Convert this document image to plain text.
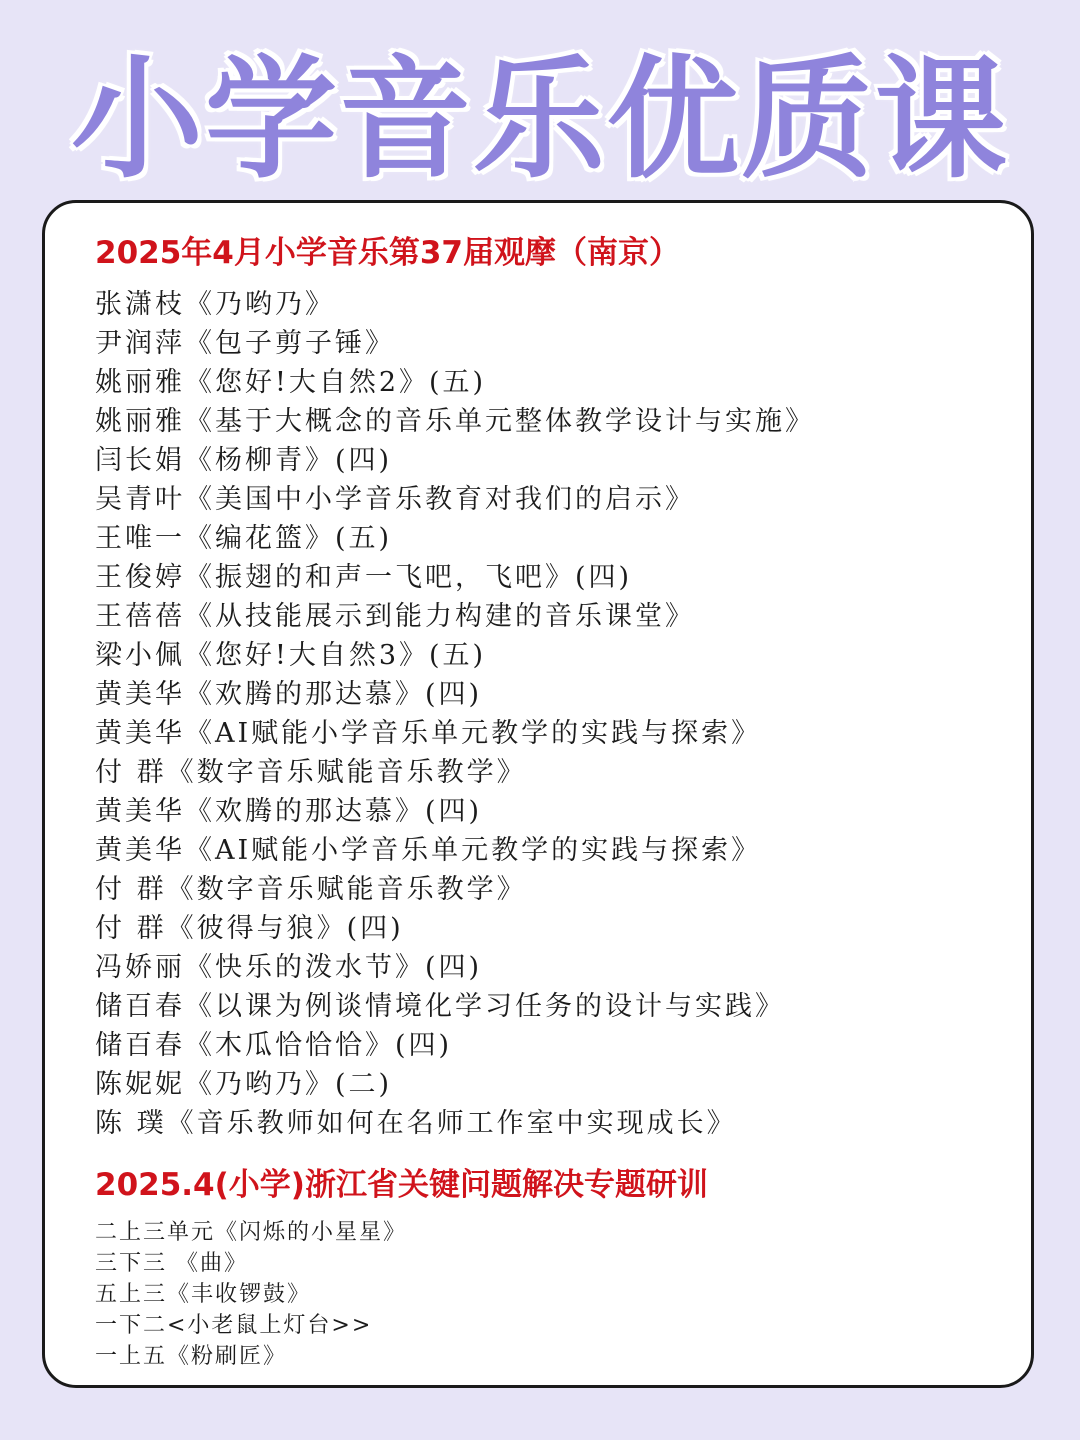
小学音乐优质课
2025年4月小学音乐第37届观摩（南京）
张潇枝《乃哟乃》
尹润萍《包子剪子锤》
姚丽雅《您好!大自然2》(五)
姚丽雅《基于大概念的音乐单元整体教学设计与实施》
闫长娟《杨柳青》(四)
吴青叶《美国中小学音乐教育对我们的启示》
王唯一《编花篮》(五)
王俊婷《振翅的和声一飞吧，飞吧》(四)
王蓓蓓《从技能展示到能力构建的音乐课堂》
梁小佩《您好!大自然3》(五)
黄美华《欢腾的那达慕》(四)
黄美华《AI赋能小学音乐单元教学的实践与探索》
付 群《数字音乐赋能音乐教学》
黄美华《欢腾的那达慕》(四)
黄美华《AI赋能小学音乐单元教学的实践与探索》
付 群《数字音乐赋能音乐教学》
付 群《彼得与狼》(四)
冯娇丽《快乐的泼水节》(四)
储百春《以课为例谈情境化学习任务的设计与实践》
储百春《木瓜恰恰恰》(四)
陈妮妮《乃哟乃》(二)
陈 璞《音乐教师如何在名师工作室中实现成长》
2025.4(小学)浙江省关键问题解决专题研训
二上三单元《闪烁的小星星》
三下三 《曲》
五上三《丰收锣鼓》
一下二<小老鼠上灯台>>
一上五《粉刷匠》
